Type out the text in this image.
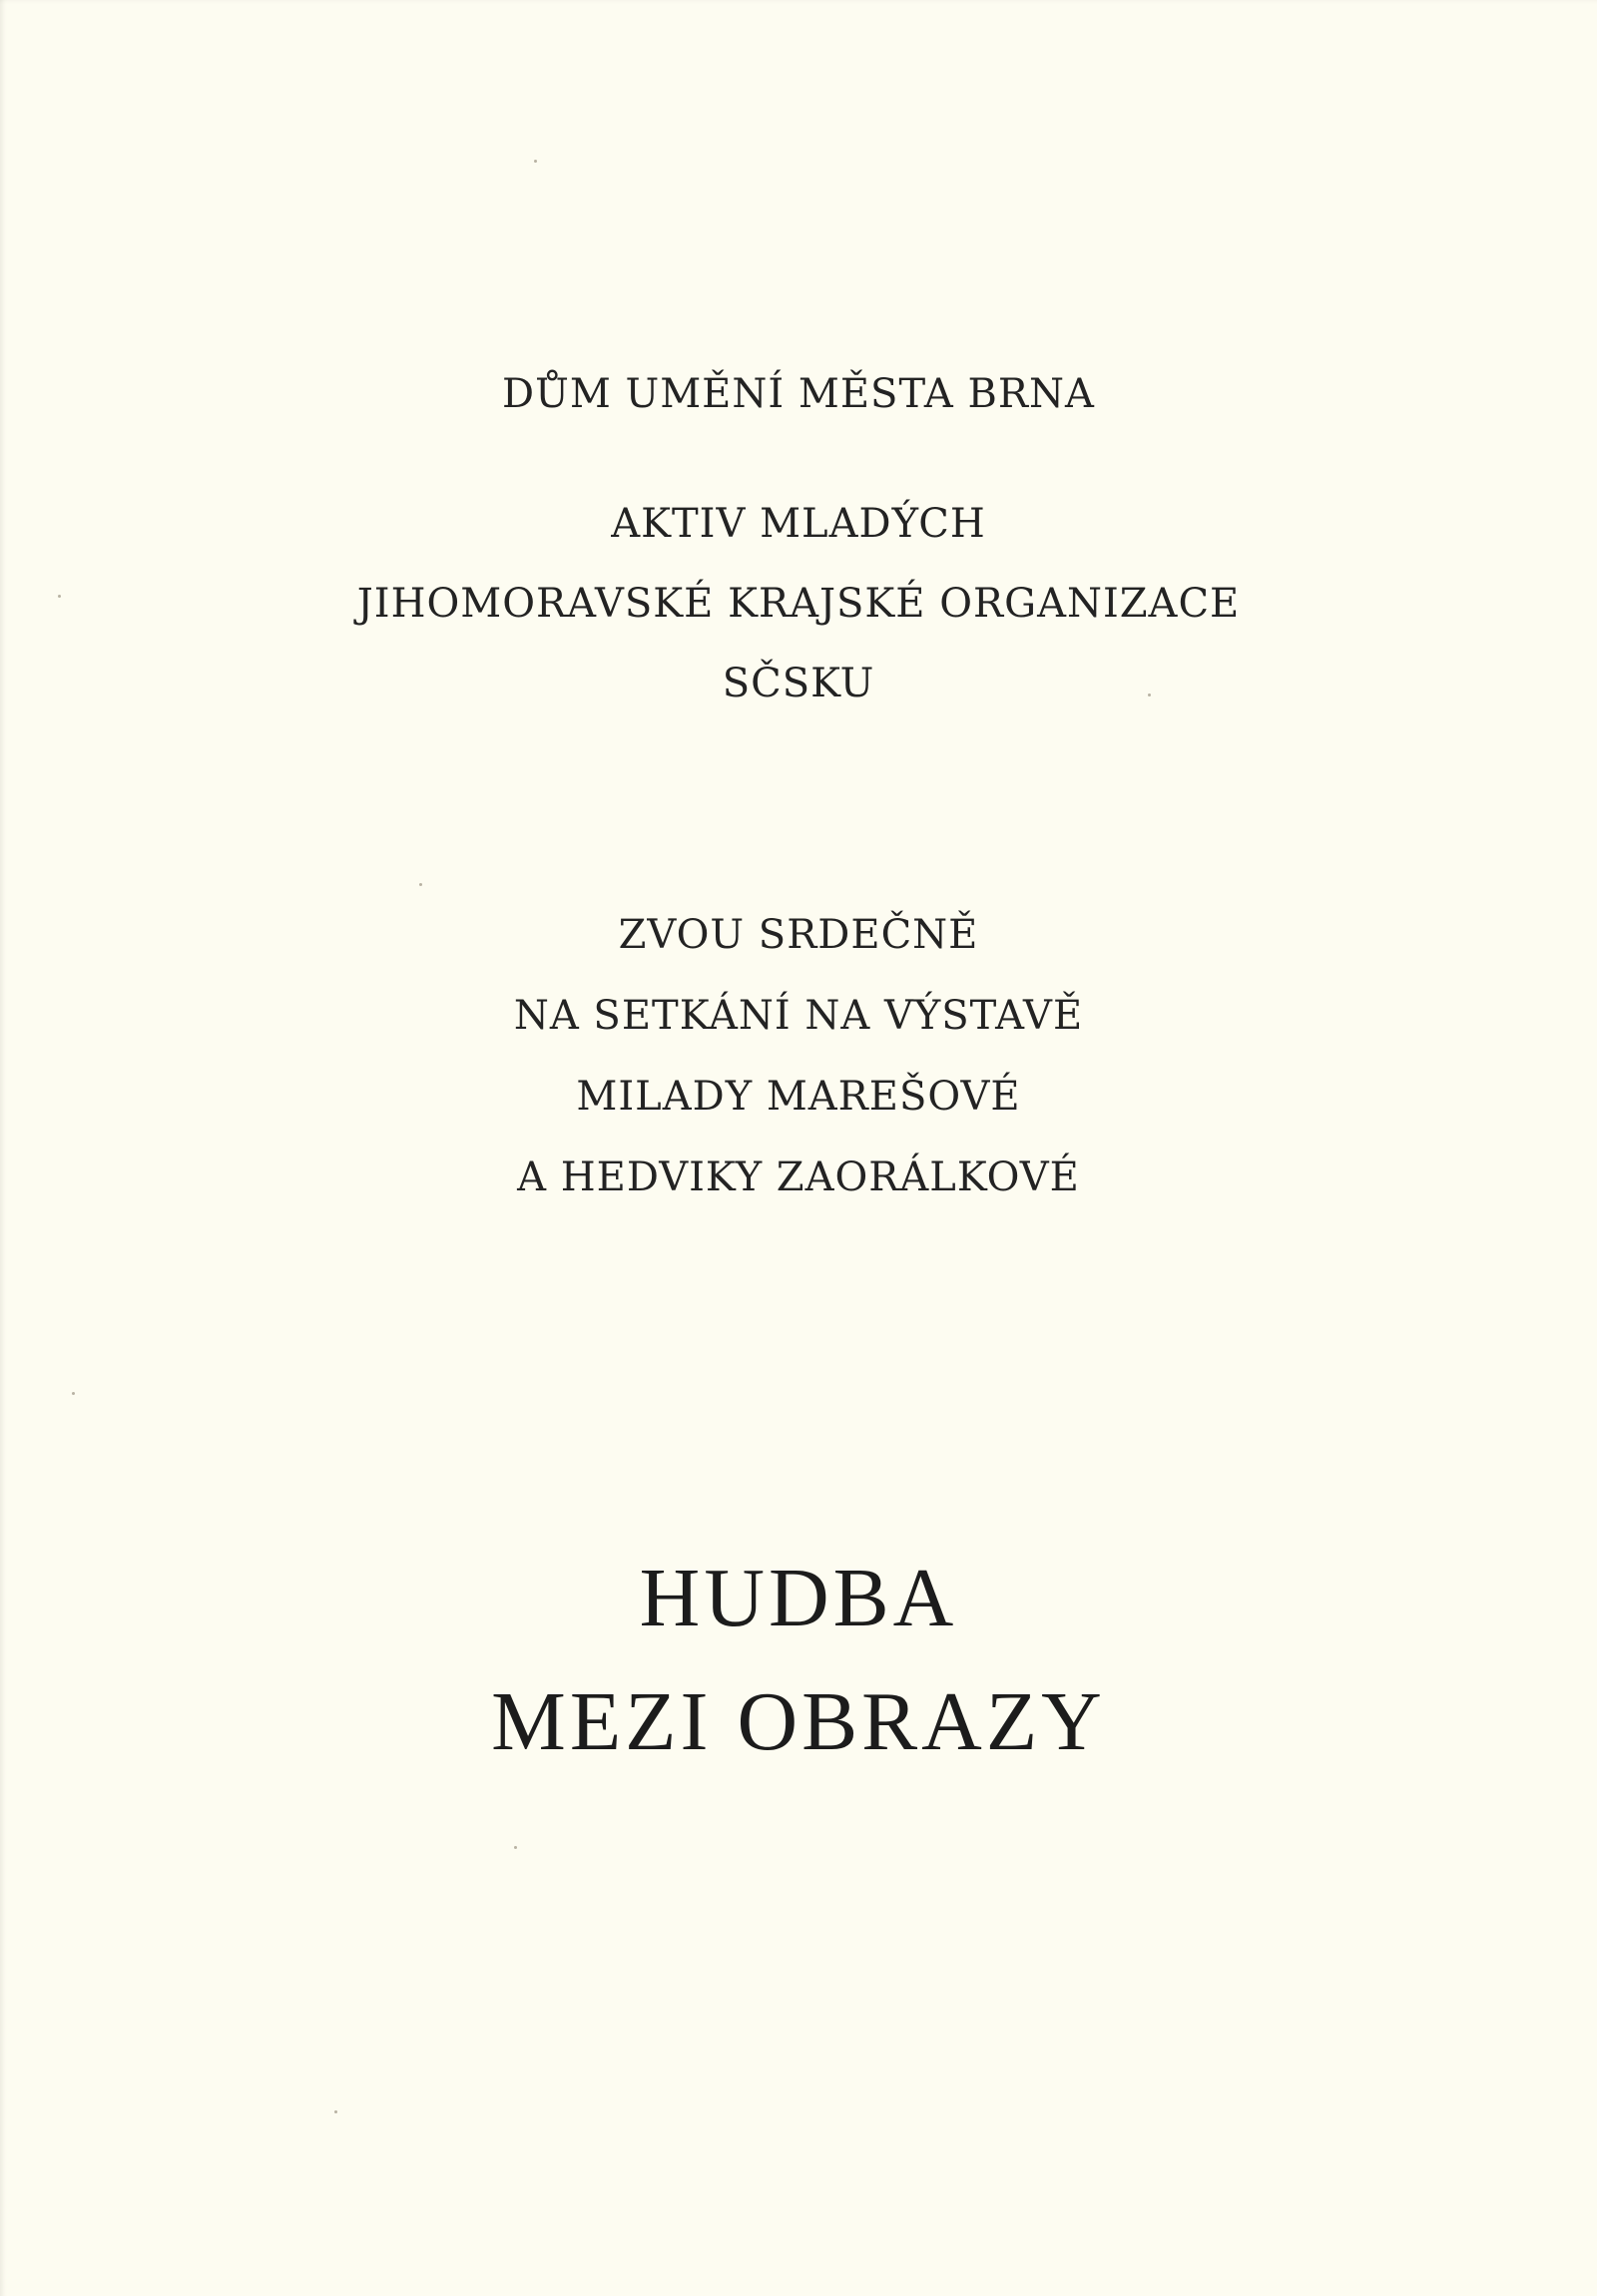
DŮM UMĚNÍ MĚSTA BRNA

AKTIV MLADÝCH

JIHOMORAVSKÉ KRAJSKÉ ORGANIZACE

SČSKU

ZVOU SRDEČNĚ

NA SETKÁNÍ NA VÝSTAVĚ

MILADY MAREŠOVÉ

A HEDVIKY ZAORÁLKOVÉ

HUDBA

MEZI OBRAZY
